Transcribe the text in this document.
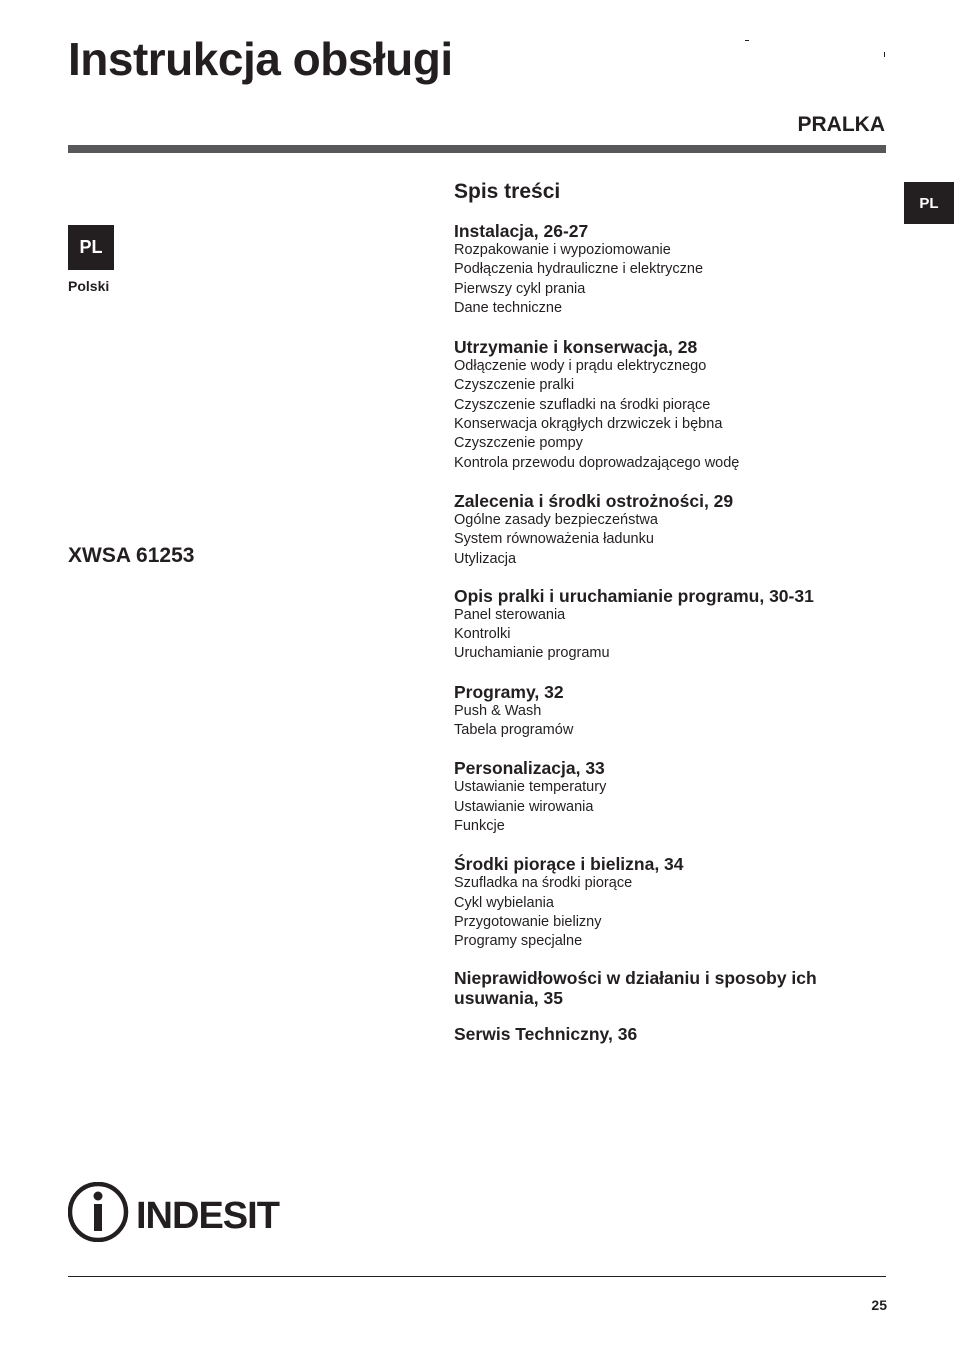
Instrukcja obsługi
PRALKA
PL
PL
Polski
XWSA 61253
Spis treści

Instalacja, 26-27

Rozpakowanie i wypoziomowanie

Podłączenia hydrauliczne i elektryczne

Pierwszy cykl prania

Dane techniczne

Utrzymanie i konserwacja, 28

Odłączenie wody i prądu elektrycznego

Czyszczenie pralki

Czyszczenie szufladki na środki piorące

Konserwacja okrągłych drzwiczek i bębna

Czyszczenie pompy

Kontrola przewodu doprowadzającego wodę

Zalecenia i środki ostrożności, 29

Ogólne zasady bezpieczeństwa

System równoważenia ładunku

Utylizacja

Opis pralki i uruchamianie programu, 30-31

Panel sterowania

Kontrolki

Uruchamianie programu

Programy, 32

Push & Wash

Tabela programów

Personalizacja, 33

Ustawianie temperatury

Ustawianie wirowania

Funkcje

Środki piorące i bielizna, 34

Szufladka na środki piorące

Cykl wybielania

Przygotowanie bielizny

Programy specjalne

Nieprawidłowości w działaniu i sposoby ich usuwania, 35

Serwis Techniczny, 36

INDESIT
25
